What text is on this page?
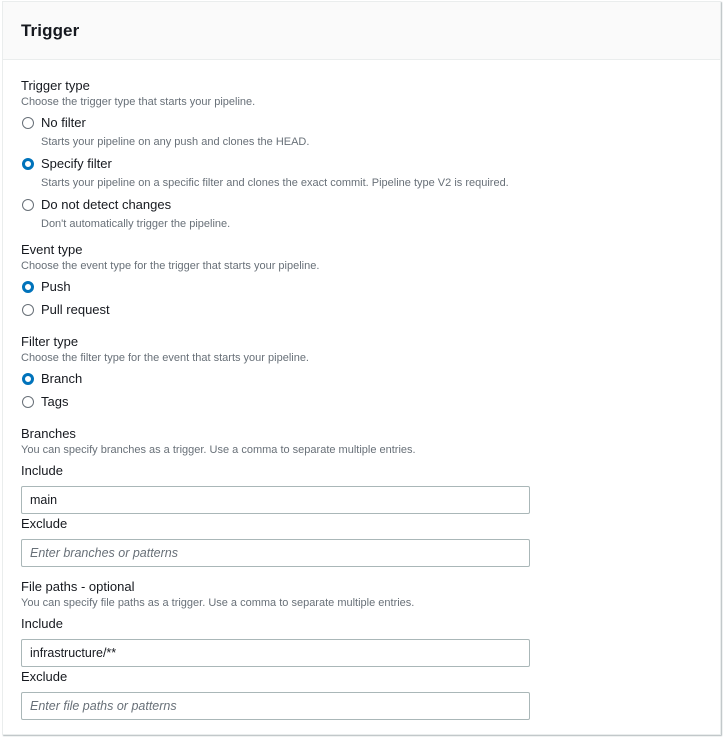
Trigger
Trigger type
Choose the trigger type that starts your pipeline.
No filter
Starts your pipeline on any push and clones the HEAD.
Specify filter
Starts your pipeline on a specific filter and clones the exact commit. Pipeline type V2 is required.
Do not detect changes
Don't automatically trigger the pipeline.
Event type
Choose the event type for the trigger that starts your pipeline.
Push
Pull request
Filter type
Choose the filter type for the event that starts your pipeline.
Branch
Tags
Branches
You can specify branches as a trigger. Use a comma to separate multiple entries.
Include
main
Exclude
Enter branches or patterns
File paths - optional
You can specify file paths as a trigger. Use a comma to separate multiple entries.
Include
infrastructure/**
Exclude
Enter file paths or patterns
